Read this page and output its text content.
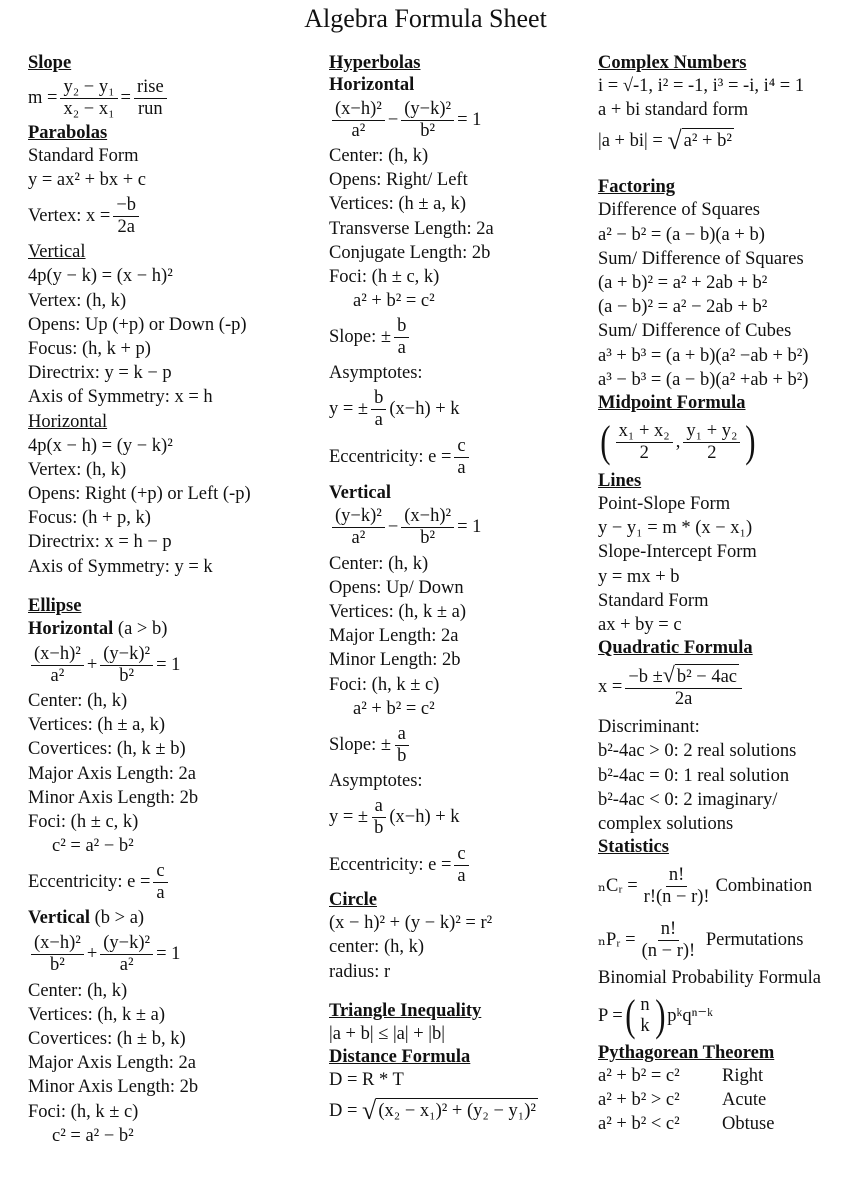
Algebra Formula Sheet
Slope
$m = \frac{\text{y₂ − y₁}}{\text{x₂ − x₁}} = \frac{\text{rise}}{\text{run}}$
Parabolas
Standard Form
y = ax² + bx + c
Vertex: $x = \frac{-b}{2a}$
Vertical
4p(y − k) = (x − h)²
Vertex: (h, k)
Opens: Up (+p) or Down (-p)
Focus: (h, k + p)
Directrix: y = k − p
Axis of Symmetry: x = h
Horizontal
4p(x − h) = (y − k)²
Vertex: (h, k)
Opens: Right (+p) or Left (-p)
Focus: (h + p, k)
Directrix: x = h − p
Axis of Symmetry: y = k
Ellipse
Horizontal (a > b)
$\frac{\text{(x−h)²}}{\text{a²}} + \frac{\text{(y−k)²}}{\text{b²}} = 1$
Center: (h, k)
Vertices: (h ± a, k)
Covertices: (h, k ± b)
Major Axis Length: 2a
Minor Axis Length: 2b
Foci: (h ± c, k)
c² = a² − b²
Eccentricity: $e = \frac{c}{a}$
Vertical (b > a)
$\frac{\text{(x−h)²}}{\text{b²}} + \frac{\text{(y−k)²}}{\text{a²}} = 1$
Center: (h, k)
Vertices: (h, k ± a)
Covertices: (h ± b, k)
Major Axis Length: 2a
Minor Axis Length: 2b
Foci: (h, k ± c)
c² = a² − b²
Hyperbolas
Horizontal
$\frac{\text{(x−h)²}}{\text{a²}} - \frac{\text{(y−k)²}}{\text{b²}} = 1$
Center: (h, k)
Opens: Right/ Left
Vertices: (h ± a, k)
Transverse Length: 2a
Conjugate Length: 2b
Foci: (h ± c, k)
a² + b² = c²
Slope: ± $\frac{b}{a}$
Asymptotes:
y = ± $\frac{b}{a} (x-h) + k$
Eccentricity: $e = \frac{c}{a}$
Vertical
$\frac{\text{(y−k)²}}{\text{a²}} - \frac{\text{(x−h)²}}{\text{b²}} = 1$
Center: (h, k)
Opens: Up/ Down
Vertices: (h, k ± a)
Major Length: 2a
Minor Length: 2b
Foci: (h, k ± c)
a² + b² = c²
Slope: ± $\frac{a}{b}$
Asymptotes:
y = ± $\frac{a}{b} (x-h) + k$
Eccentricity: $e = \frac{c}{a}$
Circle
(x − h)² + (y − k)² = r²
center: (h, k)
radius: r
Triangle Inequality
|a + b| ≤ |a| + |b|
Distance Formula
D = R * T
D =
√ (x₂ − x₁)² + (y₂ − y₁)²
Complex Numbers
i = √-1, i² = -1, i³ = -i, i⁴ = 1
a + bi standard form
|a + bi| =
√ a² + b²
Factoring
Difference of Squares
a² − b² = (a − b)(a + b)
Sum/ Difference of Squares
(a + b)² = a² + 2ab + b²
(a − b)² = a² − 2ab + b²
Sum/ Difference of Cubes
a³ + b³ = (a + b)(a² −ab + b²)
a³ − b³ = (a − b)(a² +ab + b²)
Midpoint Formula
( $\frac{\text{x₁ + x₂}}{2}$ , $\frac{\text{y₁ + y₂}}{2}$ )
Lines
Point-Slope Form
y − y₁ = m * (x − x₁)
Slope-Intercept Form
y = mx + b
Standard Form
ax + by = c
Quadratic Formula
$x = \frac{\text{−b ± √ b² − 4ac}}{2a}$
Discriminant:
b²-4ac > 0: 2 real solutions
b²-4ac = 0: 1 real solution
b²-4ac < 0: 2 imaginary/
complex solutions
Statistics
ₙCᵣ = $\frac{n!}{r!(n - r)!}$ Combination
ₙPᵣ = $\frac{n!}{(n - r)!}$
Permutations
Binomial Probability Formula
P = ( n
k ) pᵏqⁿ⁻ᵏ
Pythagorean Theorem
a² + b² = c²	Right
a² + b² > c²	Acute
a² + b² < c²	Obtuse
